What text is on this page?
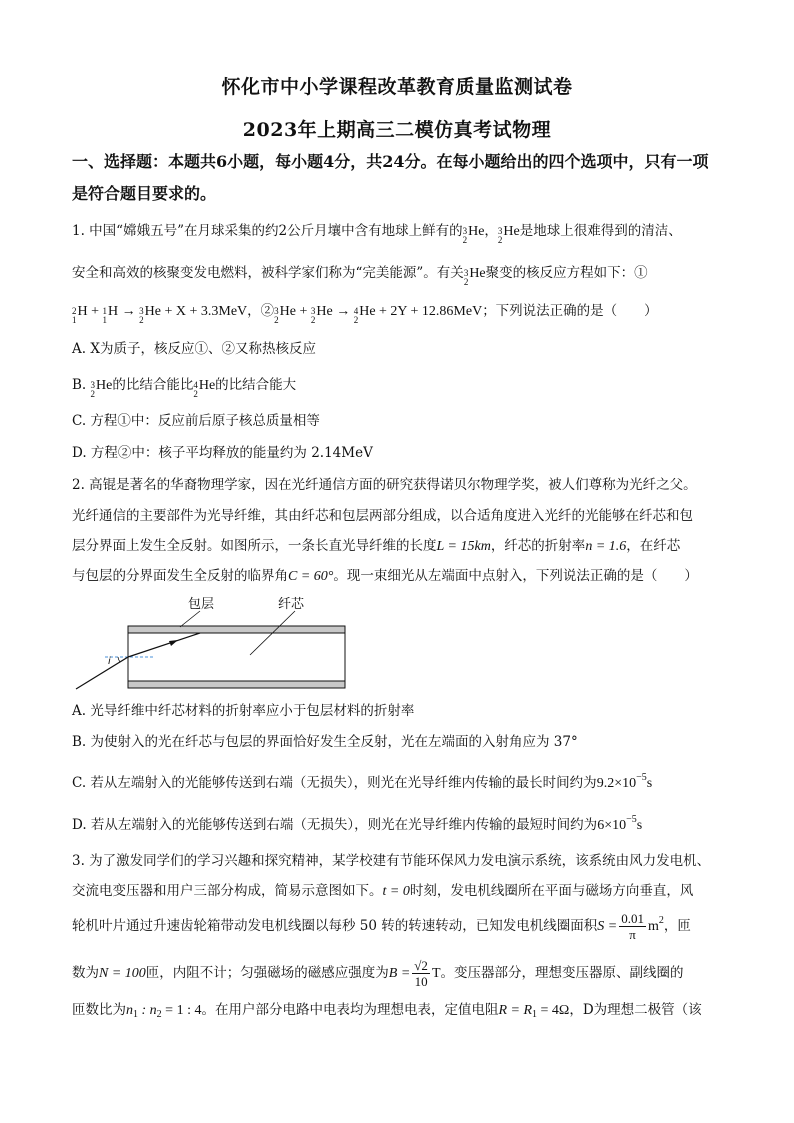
怀化市中小学课程改革教育质量监测试卷
2023年上期高三二模仿真考试物理
一、选择题：本题共6小题，每小题4分，共24分。在每小题给出的四个选项中，只有一项
是符合题目要求的。
1. 中国“嫦娥五号”在月球采集的约2公斤月壤中含有地球上鲜有的 3
2
He， 3
2
He是地球上很难得到的清洁、
安全和高效的核聚变发电燃料，被科学家们称为“完美能源”。有关 3
2
He聚变的核反应方程如下：①
2
1
H + 1
1
H → 3
2
He + X + 3.3MeV，② 3
2
He + 3
2
He → 4
2
He + 2Y + 12.86MeV；下列说法正确的是（　　）
A. X为质子，核反应①、②又称热核反应
B. 3
2
He的比结合能比 4
2
He的比结合能大
C. 方程①中：反应前后原子核总质量相等
D. 方程②中：核子平均释放的能量约为 2.14MeV
2. 高锟是著名的华裔物理学家，因在光纤通信方面的研究获得诺贝尔物理学奖，被人们尊称为光纤之父。
光纤通信的主要部件为光导纤维，其由纤芯和包层两部分组成，以合适角度进入光纤的光能够在纤芯和包
层分界面上发生全反射。如图所示，一条长直光导纤维的长度L = 15km，纤芯的折射率n = 1.6，在纤芯
与包层的分界面发生全反射的临界角C = 60°。现一束细光从左端面中点射入，下列说法正确的是（　　）
i
包层	纤芯
A. 光导纤维中纤芯材料的折射率应小于包层材料的折射率
B. 为使射入的光在纤芯与包层的界面恰好发生全反射，光在左端面的入射角应为 37°
C. 若从左端射入的光能够传送到右端（无损失），则光在光导纤维内传输的最长时间约为$9.2\times 10^{-5}s$
D. 若从左端射入的光能够传送到右端（无损失），则光在光导纤维内传输的最短时间约为$6\times 10^{-5}s$
3. 为了激发同学们的学习兴趣和探究精神，某学校建有节能环保风力发电演示系统，该系统由风力发电机、
交流电变压器和用户三部分构成，简易示意图如下。t = 0时刻，发电机线圈所在平面与磁场方向垂直，风
轮机叶片通过升速齿轮箱带动发电机线圈以每秒 50 转的转速转动，已知发电机线圈面积$S = \frac{0.01}{\pi} m^2$，匝
数为N = 100匝，内阻不计；匀强磁场的磁感应强度为$B = \frac{√2}{10}$ T。变压器部分，理想变压器原、副线圈的
匝数比为$n_1$ : $n_2 = 1$ : 4。在用户部分电路中电表均为理想电表，定值电阻$R = R_1 = 4\Omega$，D为理想二极管（该
